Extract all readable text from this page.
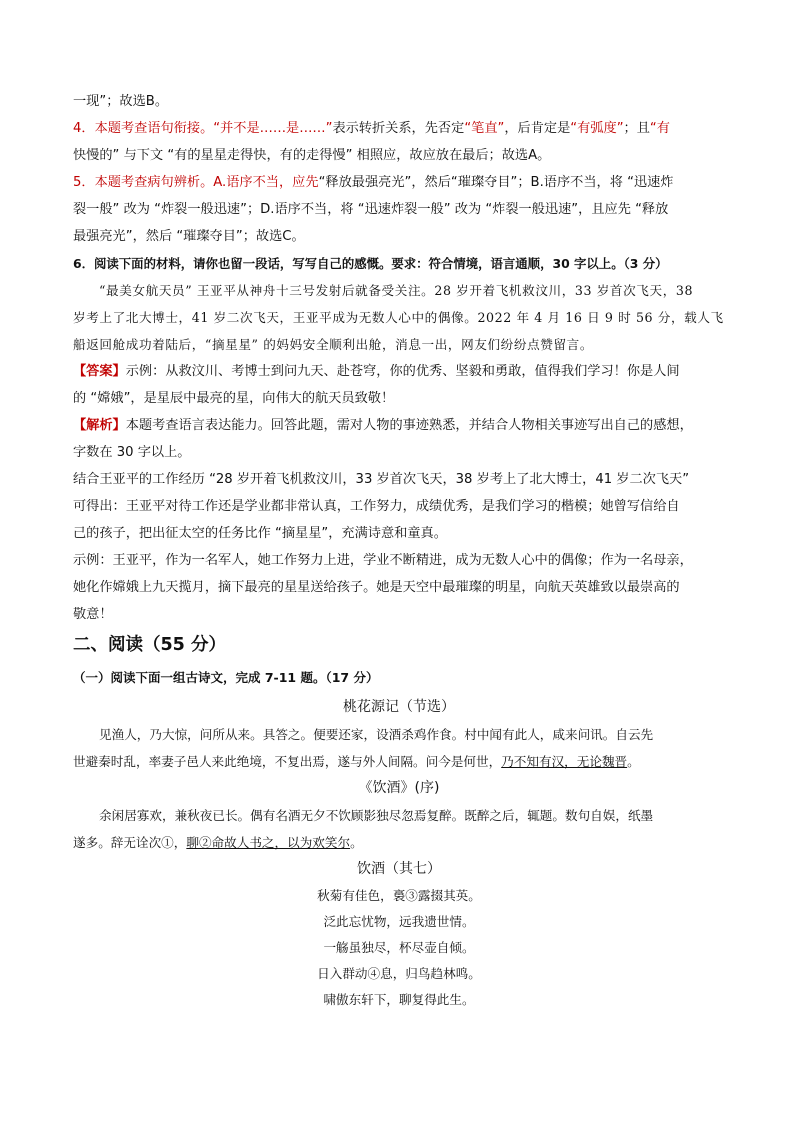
一现”；故选B。
4．本题考查语句衔接。“并不是……是……”表示转折关系，先否定“笔直”，后肯定是“有弧度”；且“有
快慢的” 与下文 “有的星星走得快，有的走得慢” 相照应，故应放在最后；故选A。
5．本题考查病句辨析。A.语序不当，应先“释放最强亮光”，然后“璀璨夺目”；B.语序不当，将 “迅速炸
裂一般” 改为 “炸裂一般迅速”；D.语序不当，将 “迅速炸裂一般” 改为 “炸裂一般迅速”，且应先 “释放
最强亮光”，然后 “璀璨夺目”；故选C。
6．阅读下面的材料，请你也留一段话，写写自己的感慨。要求：符合情境，语言通顺，30 字以上。（3 分）
“最美女航天员” 王亚平从神舟十三号发射后就备受关注。28 岁开着飞机救汶川，33 岁首次飞天，38
岁考上了北大博士，41 岁二次飞天，王亚平成为无数人心中的偶像。2022 年 4 月 16 日 9 时 56 分，载人飞
船返回舱成功着陆后，“摘星星” 的妈妈安全顺利出舱，消息一出，网友们纷纷点赞留言。
【答案】示例：从救汶川、考博士到问九天、赴苍穹，你的优秀、坚毅和勇敢，值得我们学习！你是人间
的 “嫦娥”，是星辰中最亮的星，向伟大的航天员致敬！
【解析】本题考查语言表达能力。回答此题，需对人物的事迹熟悉，并结合人物相关事迹写出自己的感想，
字数在 30 字以上。
结合王亚平的工作经历 “28 岁开着飞机救汶川，33 岁首次飞天，38 岁考上了北大博士，41 岁二次飞天”
可得出：王亚平对待工作还是学业都非常认真，工作努力，成绩优秀，是我们学习的楷模；她曾写信给自
己的孩子，把出征太空的任务比作 “摘星星”，充满诗意和童真。
示例：王亚平，作为一名军人，她工作努力上进，学业不断精进，成为无数人心中的偶像；作为一名母亲，
她化作嫦娥上九天揽月，摘下最亮的星星送给孩子。她是天空中最璀璨的明星，向航天英雄致以最崇高的
敬意！
二、阅读（55 分）
（一）阅读下面一组古诗文，完成 7-11 题。（17 分）
桃花源记（节选）
见渔人，乃大惊，问所从来。具答之。便要还家，设酒杀鸡作食。村中闻有此人，咸来问讯。自云先
世避秦时乱，率妻子邑人来此绝境，不复出焉，遂与外人间隔。问今是何世，乃不知有汉，无论魏晋。
《饮酒》(序)
余闲居寡欢，兼秋夜已长。偶有名酒无夕不饮顾影独尽忽焉复醉。既醉之后，辄题。数句自娱，纸墨
遂多。辞无诠次①，聊②命故人书之，以为欢笑尔。
饮酒（其七）
秋菊有佳色，裛③露掇其英。
泛此忘忧物，远我遗世情。
一觞虽独尽，杯尽壶自倾。
日入群动④息，归鸟趋林鸣。
啸傲东轩下，聊复得此生。
